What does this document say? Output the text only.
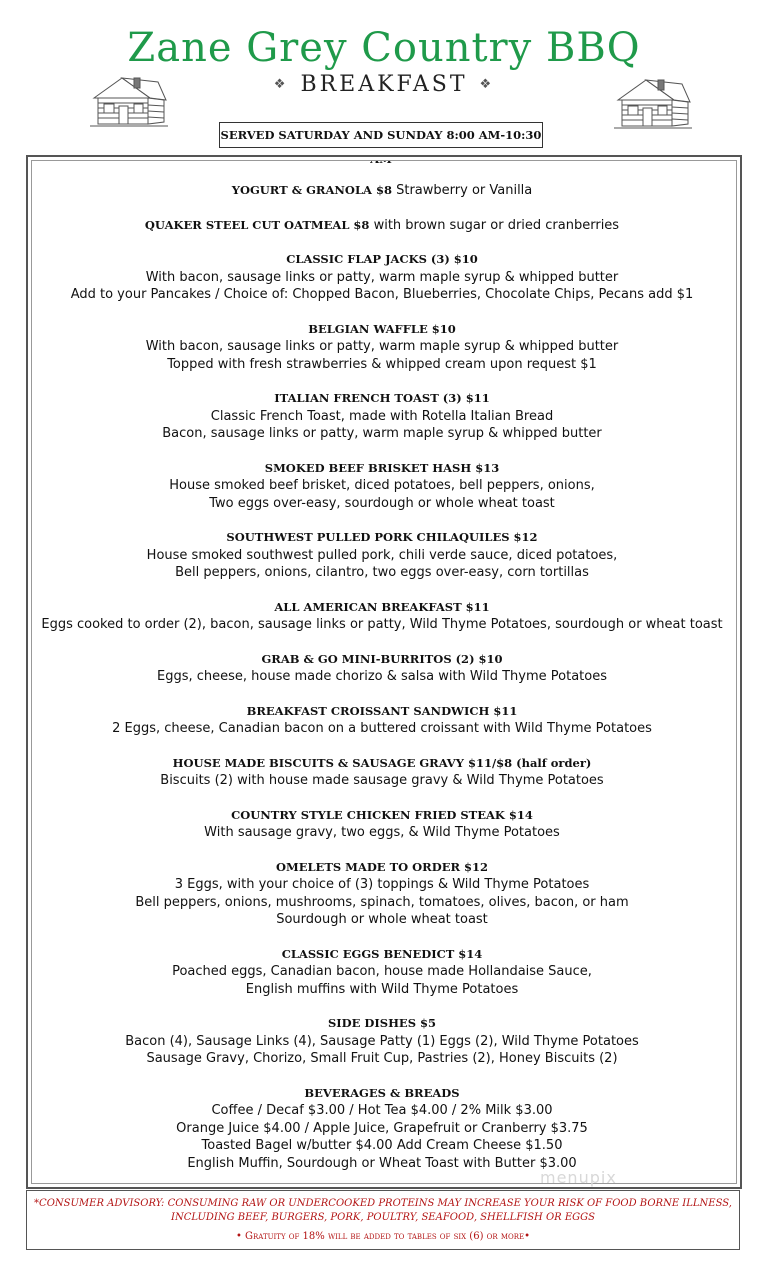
Zane Grey Country BBQ
❖ BREAKFAST ❖
SERVED SATURDAY AND SUNDAY 8:00 AM-10:30 AM
YOGURT & GRANOLA $8 Strawberry or Vanilla
QUAKER STEEL CUT OATMEAL $8 with brown sugar or dried cranberries
CLASSIC FLAP JACKS (3) $10
With bacon, sausage links or patty, warm maple syrup & whipped butter
Add to your Pancakes / Choice of: Chopped Bacon, Blueberries, Chocolate Chips, Pecans add $1
BELGIAN WAFFLE $10
With bacon, sausage links or patty, warm maple syrup & whipped butter
Topped with fresh strawberries & whipped cream upon request $1
ITALIAN FRENCH TOAST (3) $11
Classic French Toast, made with Rotella Italian Bread
Bacon, sausage links or patty, warm maple syrup & whipped butter
SMOKED BEEF BRISKET HASH $13
House smoked beef brisket, diced potatoes, bell peppers, onions,
Two eggs over-easy, sourdough or whole wheat toast
SOUTHWEST PULLED PORK CHILAQUILES $12
House smoked southwest pulled pork, chili verde sauce, diced potatoes,
Bell peppers, onions, cilantro, two eggs over-easy, corn tortillas
ALL AMERICAN BREAKFAST $11
Eggs cooked to order (2), bacon, sausage links or patty, Wild Thyme Potatoes, sourdough or wheat toast
GRAB & GO MINI-BURRITOS (2) $10
Eggs, cheese, house made chorizo & salsa with Wild Thyme Potatoes
BREAKFAST CROISSANT SANDWICH $11
2 Eggs, cheese, Canadian bacon on a buttered croissant with Wild Thyme Potatoes
HOUSE MADE BISCUITS & SAUSAGE GRAVY $11/$8 (half order)
Biscuits (2) with house made sausage gravy & Wild Thyme Potatoes
COUNTRY STYLE CHICKEN FRIED STEAK $14
With sausage gravy, two eggs, & Wild Thyme Potatoes
OMELETS MADE TO ORDER $12
3 Eggs, with your choice of (3) toppings & Wild Thyme Potatoes
Bell peppers, onions, mushrooms, spinach, tomatoes, olives, bacon, or ham
Sourdough or whole wheat toast
CLASSIC EGGS BENEDICT $14
Poached eggs, Canadian bacon, house made Hollandaise Sauce,
English muffins with Wild Thyme Potatoes
SIDE DISHES $5
Bacon (4), Sausage Links (4), Sausage Patty (1) Eggs (2), Wild Thyme Potatoes
Sausage Gravy, Chorizo, Small Fruit Cup, Pastries (2), Honey Biscuits (2)
BEVERAGES & BREADS
Coffee / Decaf $3.00 / Hot Tea $4.00 / 2% Milk $3.00
Orange Juice $4.00 / Apple Juice, Grapefruit or Cranberry $3.75
Toasted Bagel w/butter $4.00 Add Cream Cheese $1.50
English Muffin, Sourdough or Wheat Toast with Butter $3.00
menupix
*CONSUMER ADVISORY: CONSUMING RAW OR UNDERCOOKED PROTEINS MAY INCREASE YOUR RISK OF FOOD BORNE ILLNESS,
INCLUDING BEEF, BURGERS, PORK, POULTRY, SEAFOOD, SHELLFISH OR EGGS
• Gratuity of 18% will be added to tables of six (6) or more•
